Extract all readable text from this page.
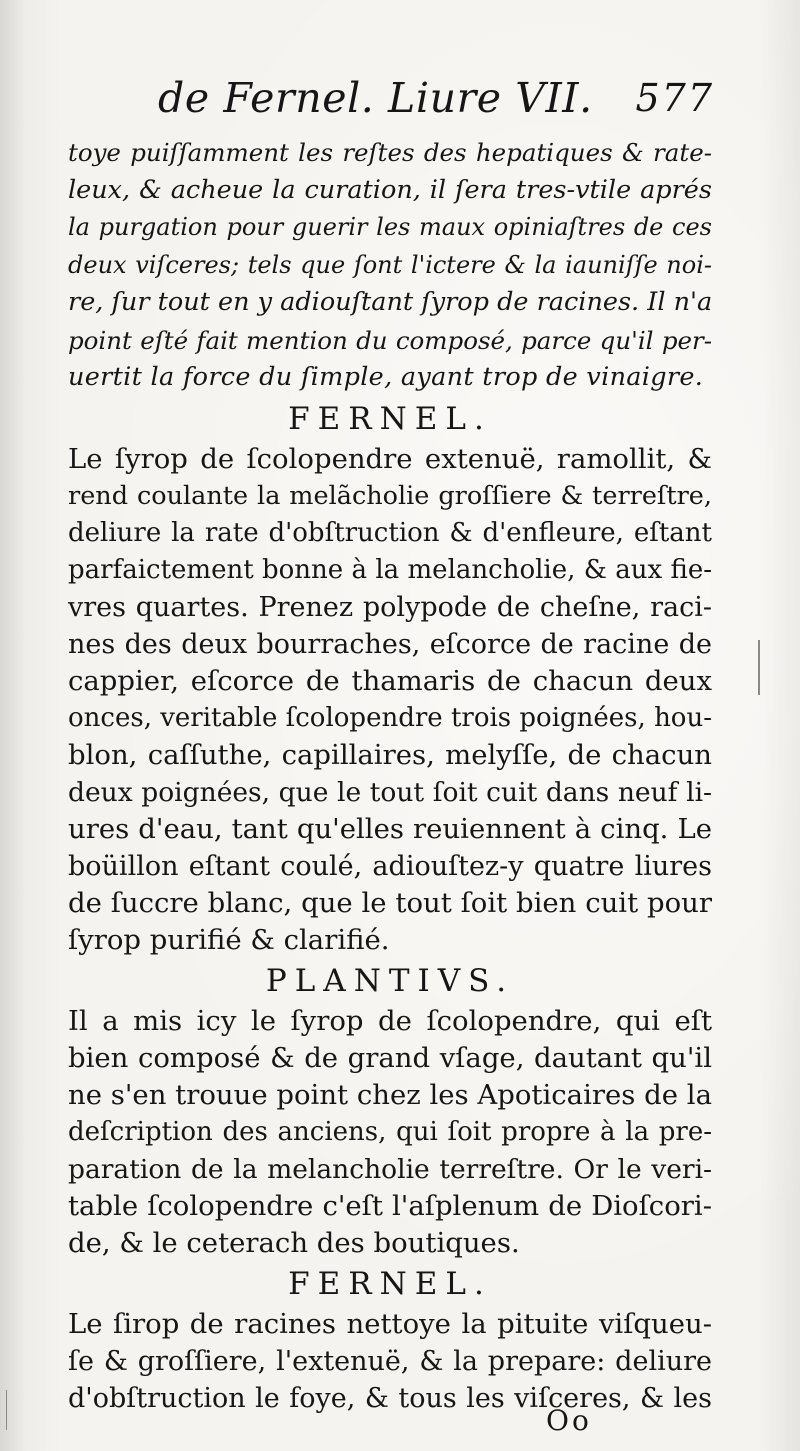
de Fernel. Liure VII. 577
toye puiſſamment les reſtes des hepatiques & rate-
leux, & acheue la curation, il ſera tres-vtile aprés
la purgation pour guerir les maux opiniaſtres de ces
deux viſceres; tels que ſont l'ictere & la iauniſſe noi-
re, ſur tout en y adiouſtant ſyrop de racines. Il n'a
point eſté fait mention du composé, parce qu'il per-
uertit la force du ſimple, ayant trop de vinaigre.
FERNEL.
Le ſyrop de ſcolopendre extenuë, ramollit, &
rend coulante la melãcholie groſſiere & terreſtre,
deliure la rate d'obſtruction & d'enfleure, eſtant
parfaictement bonne à la melancholie, & aux fie-
vres quartes. Prenez polypode de cheſne, raci-
nes des deux bourraches, eſcorce de racine de
cappier, eſcorce de thamaris de chacun deux
onces, veritable ſcolopendre trois poignées, hou-
blon, caſſuthe, capillaires, melyſſe, de chacun
deux poignées, que le tout ſoit cuit dans neuf li-
ures d'eau, tant qu'elles reuiennent à cinq. Le
boüillon eſtant coulé, adiouſtez-y quatre liures
de ſuccre blanc, que le tout ſoit bien cuit pour
ſyrop purifié & clarifié.
PLANTIVS.
Il a mis icy le ſyrop de ſcolopendre, qui eſt
bien composé & de grand vſage, dautant qu'il
ne s'en trouue point chez les Apoticaires de la
deſcription des anciens, qui ſoit propre à la pre-
paration de la melancholie terreſtre. Or le veri-
table ſcolopendre c'eſt l'aſplenum de Dioſcori-
de, & le ceterach des boutiques.
FERNEL.
Le ſirop de racines nettoye la pituite viſqueu-
ſe & groſſiere, l'extenuë, & la prepare: deliure
d'obſtruction le foye, & tous les viſceres, & les
Oo
